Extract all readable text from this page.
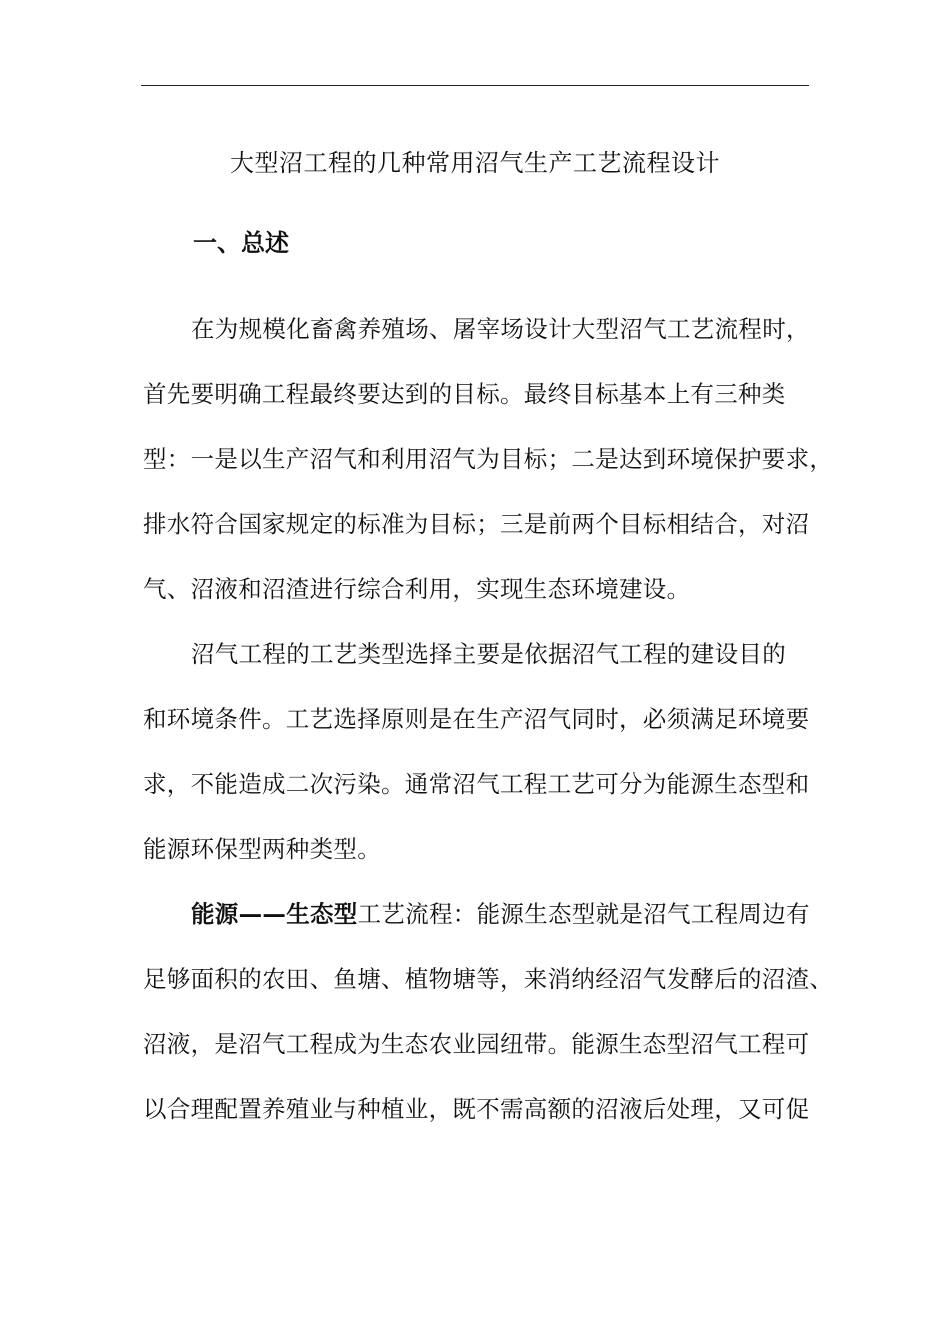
大型沼工程的几种常用沼气生产工艺流程设计
一、总述
在为规模化畜禽养殖场、屠宰场设计大型沼气工艺流程时，
首先要明确工程最终要达到的目标。最终目标基本上有三种类
型：一是以生产沼气和利用沼气为目标；二是达到环境保护要求，
排水符合国家规定的标准为目标；三是前两个目标相结合，对沼
气、沼液和沼渣进行综合利用，实现生态环境建设。
沼气工程的工艺类型选择主要是依据沼气工程的建设目的
和环境条件。工艺选择原则是在生产沼气同时，必须满足环境要
求，不能造成二次污染。通常沼气工程工艺可分为能源生态型和
能源环保型两种类型。
能源——生态型工艺流程：能源生态型就是沼气工程周边有
足够面积的农田、鱼塘、植物塘等，来消纳经沼气发酵后的沼渣、
沼液，是沼气工程成为生态农业园纽带。能源生态型沼气工程可
以合理配置养殖业与种植业，既不需高额的沼液后处理，又可促
